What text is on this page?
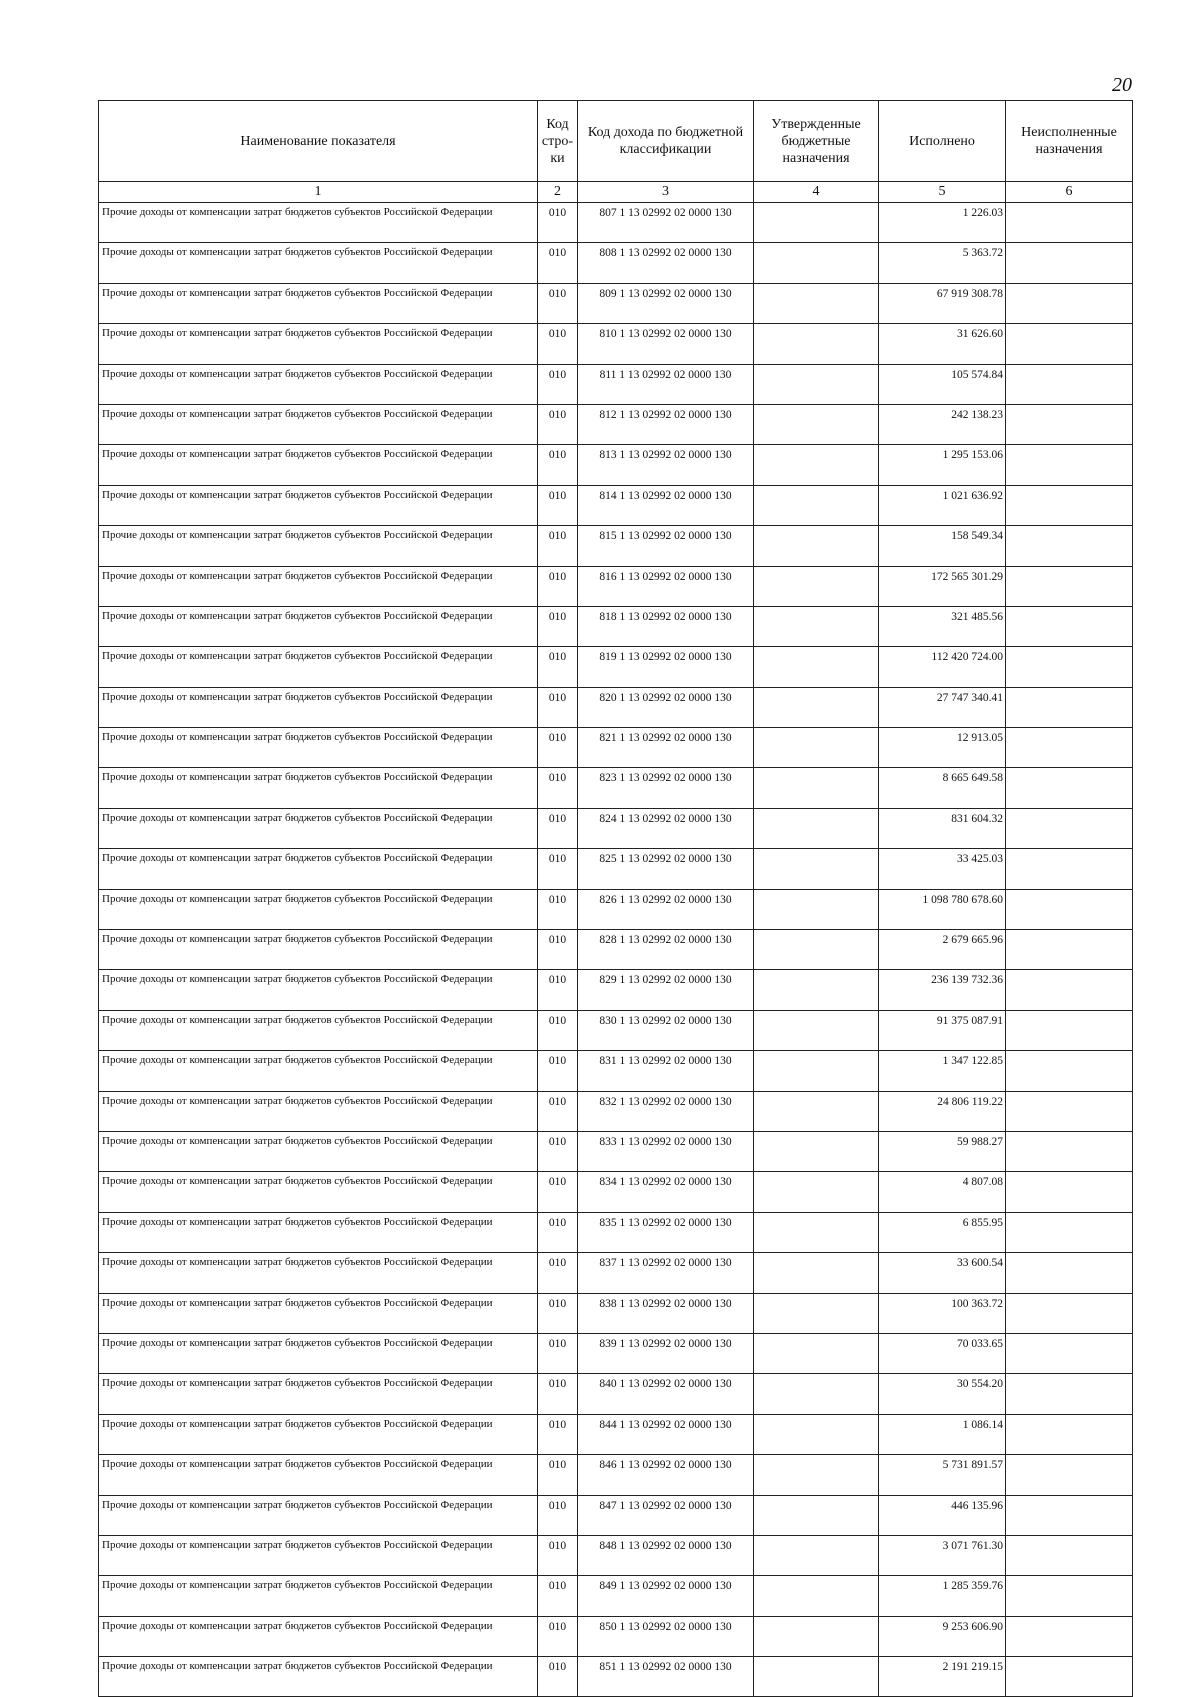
20
Наименование показателя	Код стро-ки	Код дохода по бюджетной классификации	Утвержденные бюджетные назначения	Исполнено	Неисполненные назначения
1	2	3	4	5	6
Прочие доходы от компенсации затрат бюджетов субъектов Российской Федерации	010	807 1 13 02992 02 0000 130		1 226.03	
Прочие доходы от компенсации затрат бюджетов субъектов Российской Федерации	010	808 1 13 02992 02 0000 130		5 363.72	
Прочие доходы от компенсации затрат бюджетов субъектов Российской Федерации	010	809 1 13 02992 02 0000 130		67 919 308.78	
Прочие доходы от компенсации затрат бюджетов субъектов Российской Федерации	010	810 1 13 02992 02 0000 130		31 626.60	
Прочие доходы от компенсации затрат бюджетов субъектов Российской Федерации	010	811 1 13 02992 02 0000 130		105 574.84	
Прочие доходы от компенсации затрат бюджетов субъектов Российской Федерации	010	812 1 13 02992 02 0000 130		242 138.23	
Прочие доходы от компенсации затрат бюджетов субъектов Российской Федерации	010	813 1 13 02992 02 0000 130		1 295 153.06	
Прочие доходы от компенсации затрат бюджетов субъектов Российской Федерации	010	814 1 13 02992 02 0000 130		1 021 636.92	
Прочие доходы от компенсации затрат бюджетов субъектов Российской Федерации	010	815 1 13 02992 02 0000 130		158 549.34	
Прочие доходы от компенсации затрат бюджетов субъектов Российской Федерации	010	816 1 13 02992 02 0000 130		172 565 301.29	
Прочие доходы от компенсации затрат бюджетов субъектов Российской Федерации	010	818 1 13 02992 02 0000 130		321 485.56	
Прочие доходы от компенсации затрат бюджетов субъектов Российской Федерации	010	819 1 13 02992 02 0000 130		112 420 724.00	
Прочие доходы от компенсации затрат бюджетов субъектов Российской Федерации	010	820 1 13 02992 02 0000 130		27 747 340.41	
Прочие доходы от компенсации затрат бюджетов субъектов Российской Федерации	010	821 1 13 02992 02 0000 130		12 913.05	
Прочие доходы от компенсации затрат бюджетов субъектов Российской Федерации	010	823 1 13 02992 02 0000 130		8 665 649.58	
Прочие доходы от компенсации затрат бюджетов субъектов Российской Федерации	010	824 1 13 02992 02 0000 130		831 604.32	
Прочие доходы от компенсации затрат бюджетов субъектов Российской Федерации	010	825 1 13 02992 02 0000 130		33 425.03	
Прочие доходы от компенсации затрат бюджетов субъектов Российской Федерации	010	826 1 13 02992 02 0000 130		1 098 780 678.60	
Прочие доходы от компенсации затрат бюджетов субъектов Российской Федерации	010	828 1 13 02992 02 0000 130		2 679 665.96	
Прочие доходы от компенсации затрат бюджетов субъектов Российской Федерации	010	829 1 13 02992 02 0000 130		236 139 732.36	
Прочие доходы от компенсации затрат бюджетов субъектов Российской Федерации	010	830 1 13 02992 02 0000 130		91 375 087.91	
Прочие доходы от компенсации затрат бюджетов субъектов Российской Федерации	010	831 1 13 02992 02 0000 130		1 347 122.85	
Прочие доходы от компенсации затрат бюджетов субъектов Российской Федерации	010	832 1 13 02992 02 0000 130		24 806 119.22	
Прочие доходы от компенсации затрат бюджетов субъектов Российской Федерации	010	833 1 13 02992 02 0000 130		59 988.27	
Прочие доходы от компенсации затрат бюджетов субъектов Российской Федерации	010	834 1 13 02992 02 0000 130		4 807.08	
Прочие доходы от компенсации затрат бюджетов субъектов Российской Федерации	010	835 1 13 02992 02 0000 130		6 855.95	
Прочие доходы от компенсации затрат бюджетов субъектов Российской Федерации	010	837 1 13 02992 02 0000 130		33 600.54	
Прочие доходы от компенсации затрат бюджетов субъектов Российской Федерации	010	838 1 13 02992 02 0000 130		100 363.72	
Прочие доходы от компенсации затрат бюджетов субъектов Российской Федерации	010	839 1 13 02992 02 0000 130		70 033.65	
Прочие доходы от компенсации затрат бюджетов субъектов Российской Федерации	010	840 1 13 02992 02 0000 130		30 554.20	
Прочие доходы от компенсации затрат бюджетов субъектов Российской Федерации	010	844 1 13 02992 02 0000 130		1 086.14	
Прочие доходы от компенсации затрат бюджетов субъектов Российской Федерации	010	846 1 13 02992 02 0000 130		5 731 891.57	
Прочие доходы от компенсации затрат бюджетов субъектов Российской Федерации	010	847 1 13 02992 02 0000 130		446 135.96	
Прочие доходы от компенсации затрат бюджетов субъектов Российской Федерации	010	848 1 13 02992 02 0000 130		3 071 761.30	
Прочие доходы от компенсации затрат бюджетов субъектов Российской Федерации	010	849 1 13 02992 02 0000 130		1 285 359.76	
Прочие доходы от компенсации затрат бюджетов субъектов Российской Федерации	010	850 1 13 02992 02 0000 130		9 253 606.90	
Прочие доходы от компенсации затрат бюджетов субъектов Российской Федерации	010	851 1 13 02992 02 0000 130		2 191 219.15	
